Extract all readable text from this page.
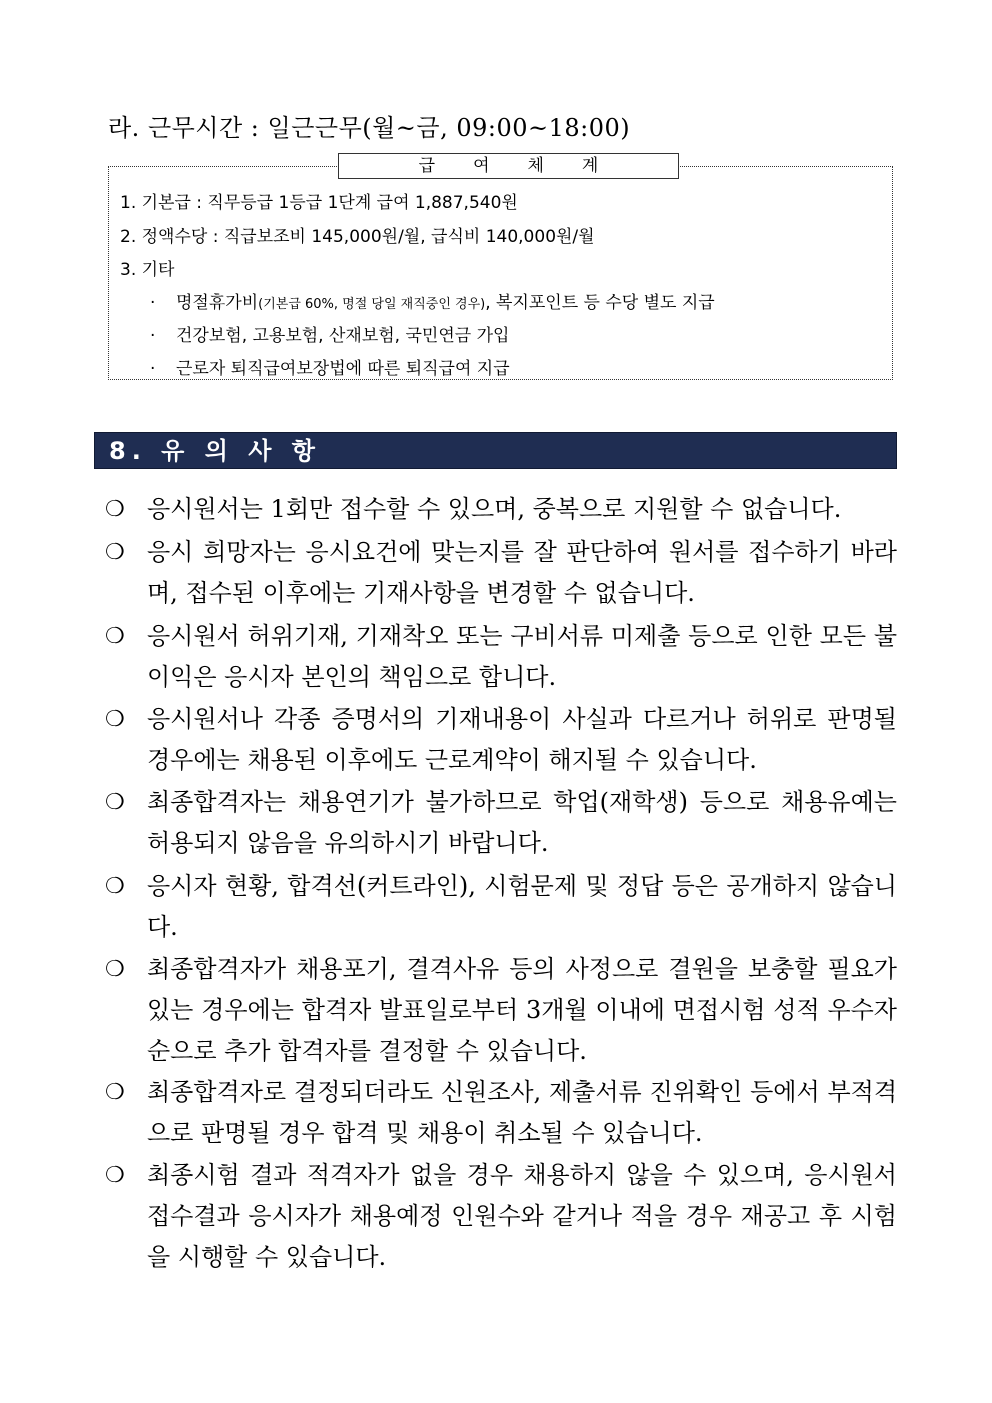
라. 근무시간 : 일근근무(월~금, 09:00~18:00)
급여체계
1. 기본급 : 직무등급 1등급 1단계 급여 1,887,540원
2. 정액수당 : 직급보조비 145,000원/월, 급식비 140,000원/월
3. 기타
· 명절휴가비(기본급 60%, 명절 당일 재직중인 경우), 복지포인트 등 수당 별도 지급
· 건강보험, 고용보험, 산재보험, 국민연금 가입
· 근로자 퇴직급여보장법에 따른 퇴직급여 지급
8. 유 의 사 항
❍ 응시원서는 1회만 접수할 수 있으며, 중복으로 지원할 수 없습니다.
❍ 응시 희망자는 응시요건에 맞는지를 잘 판단하여 원서를 접수하기 바라며, 접수된 이후에는 기재사항을 변경할 수 없습니다.
❍ 응시원서 허위기재, 기재착오 또는 구비서류 미제출 등으로 인한 모든 불이익은 응시자 본인의 책임으로 합니다.
❍ 응시원서나 각종 증명서의 기재내용이 사실과 다르거나 허위로 판명될 경우에는 채용된 이후에도 근로계약이 해지될 수 있습니다.
❍ 최종합격자는 채용연기가 불가하므로 학업(재학생) 등으로 채용유예는 허용되지 않음을 유의하시기 바랍니다.
❍ 응시자 현황, 합격선(커트라인), 시험문제 및 정답 등은 공개하지 않습니다.
❍ 최종합격자가 채용포기, 결격사유 등의 사정으로 결원을 보충할 필요가 있는 경우에는 합격자 발표일로부터 3개월 이내에 면접시험 성적 우수자 순으로 추가 합격자를 결정할 수 있습니다.
❍ 최종합격자로 결정되더라도 신원조사, 제출서류 진위확인 등에서 부적격으로 판명될 경우 합격 및 채용이 취소될 수 있습니다.
❍ 최종시험 결과 적격자가 없을 경우 채용하지 않을 수 있으며, 응시원서 접수결과 응시자가 채용예정 인원수와 같거나 적을 경우 재공고 후 시험을 시행할 수 있습니다.
